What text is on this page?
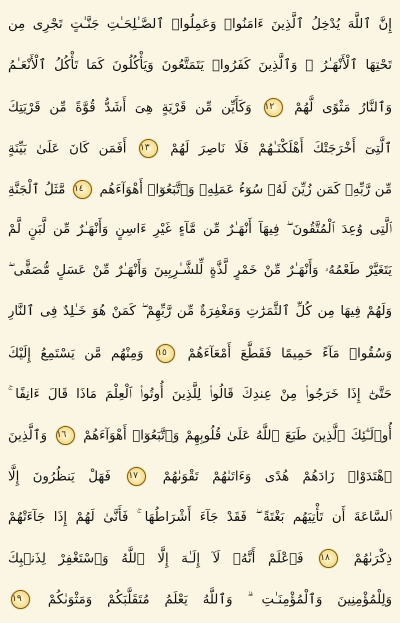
إِنَّ ٱللَّهَ يُدْخِلُ ٱلَّذِينَ ءَامَنُوا۟ وَعَمِلُوا۟ ٱلصَّـٰلِحَـٰتِ جَنَّـٰتٍ تَجْرِى مِن
تَحْتِهَا ٱلْأَنْهَـٰرُ ۖ وَٱلَّذِينَ كَفَرُوا۟ يَتَمَتَّعُونَ وَيَأْكُلُونَ كَمَا تَأْكُلُ ٱلْأَنْعَـٰمُ
وَٱلنَّارُ مَثْوًى لَّهُمْ ١٢ وَكَأَيِّن مِّن قَرْيَةٍ هِىَ أَشَدُّ قُوَّةً مِّن قَرْيَتِكَ
ٱلَّتِىٓ أَخْرَجَتْكَ أَهْلَكْنَـٰهُمْ فَلَا نَاصِرَ لَهُمْ ١٣ أَفَمَن كَانَ عَلَىٰ بَيِّنَةٍ
مِّن رَّبِّهِۦ كَمَن زُيِّنَ لَهُۥ سُوٓءُ عَمَلِهِۦ وَٱتَّبَعُوٓا۟ أَهْوَآءَهُم ١٤ مَّثَلُ ٱلْجَنَّةِ
ٱلَّتِى وُعِدَ ٱلْمُتَّقُونَ ۖ فِيهَآ أَنْهَـٰرٌ مِّن مَّآءٍ غَيْرِ ءَاسِنٍ وَأَنْهَـٰرٌ مِّن لَّبَنٍ لَّمْ
يَتَغَيَّرْ طَعْمُهُۥ وَأَنْهَـٰرٌ مِّنْ خَمْرٍ لَّذَّةٍ لِّلشَّـٰرِبِينَ وَأَنْهَـٰرٌ مِّنْ عَسَلٍ مُّصَفًّى ۖ
وَلَهُمْ فِيهَا مِن كُلِّ ٱلثَّمَرَٰتِ وَمَغْفِرَةٌ مِّن رَّبِّهِمْ ۖ كَمَنْ هُوَ خَـٰلِدٌ فِى ٱلنَّارِ
وَسُقُوا۟ مَآءً حَمِيمًا فَقَطَّعَ أَمْعَآءَهُمْ ١٥ وَمِنْهُم مَّن يَسْتَمِعُ إِلَيْكَ
حَتَّىٰٓ إِذَا خَرَجُوا۟ مِنْ عِندِكَ قَالُوا۟ لِلَّذِينَ أُوتُوا۟ ٱلْعِلْمَ مَاذَا قَالَ ءَانِفًا ۚ
أُو۟لَـٰٓئِكَ ٱلَّذِينَ طَبَعَ ٱللَّهُ عَلَىٰ قُلُوبِهِمْ وَٱتَّبَعُوٓا۟ أَهْوَآءَهُمْ ١٦ وَٱلَّذِينَ
ٱهْتَدَوْا۟ زَادَهُمْ هُدًى وَءَاتَىٰهُمْ تَقْوَىٰهُمْ ١٧ فَهَلْ يَنظُرُونَ إِلَّا
ٱلسَّاعَةَ أَن تَأْتِيَهُم بَغْتَةً ۖ فَقَدْ جَآءَ أَشْرَاطُهَا ۚ فَأَنَّىٰ لَهُمْ إِذَا جَآءَتْهُمْ
ذِكْرَىٰهُمْ ١٨ فَٱعْلَمْ أَنَّهُۥ لَآ إِلَـٰهَ إِلَّا ٱللَّهُ وَٱسْتَغْفِرْ لِذَنۢبِكَ
وَلِلْمُؤْمِنِينَ وَٱلْمُؤْمِنَـٰتِ ۗ وَٱللَّهُ يَعْلَمُ مُتَقَلَّبَكُمْ وَمَثْوَىٰكُمْ ١٩
